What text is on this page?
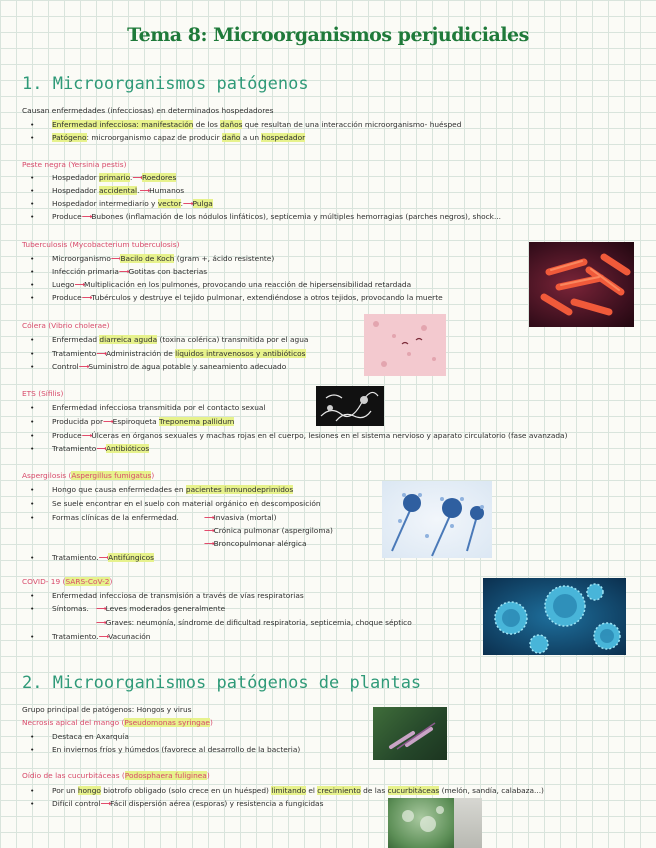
Tema 8: Microorganismos perjudiciales
1. Microorganismos patógenos
Causan enfermedades (infecciosas) en determinados hospedadores
• Enfermedad infecciosa: manifestación de los daños que resultan de una interacción microorganismo- huésped
• Patógeno: microorganismo capaz de producir daño a un hospedador
Peste negra (Yersinia pestis)
• Hospedador primario.⟶Roedores
• Hospedador accidental.⟶Humanos
• Hospedador intermediario y vector.⟶Pulga
• Produce⟶Bubones (inflamación de los nódulos linfáticos), septicemia y múltiples hemorragias (parches negros), shock...
Tuberculosis (Mycobacterium tuberculosis)
• Microorganismo⟶Bacilo de Koch (gram +, ácido resistente)
• Infección primaria⟶Gotitas con bacterias
• Luego⟶Multiplicación en los pulmones, provocando una reacción de hipersensibilidad retardada
• Produce⟶Tubérculos y destruye el tejido pulmonar, extendiéndose a otros tejidos, provocando la muerte
Cólera (Vibrio cholerae)
• Enfermedad diarreica aguda (toxina colérica) transmitida por el agua
• Tratamiento⟶Administración de líquidos intravenosos y antibióticos
• Control⟶Suministro de agua potable y saneamiento adecuado
ETS (Sífilis)
• Enfermedad infecciosa transmitida por el contacto sexual
• Producida por⟶Espiroqueta Treponema pallidum
• Produce⟶Úlceras en órganos sexuales y machas rojas en el cuerpo, lesiones en el sistema nervioso y aparato circulatorio (fase avanzada)
• Tratamiento⟶Antibióticos
Aspergilosis (Aspergillus fumigatus)
• Hongo que causa enfermedades en pacientes inmunodeprimidos
• Se suele encontrar en el suelo con material orgánico en descomposición
• Formas clínicas de la enfermedad.	⟶Invasiva (mortal)
⟶Crónica pulmonar (aspergiloma)
⟶Broncopulmonar alérgica
• Tratamiento.⟶Antifúngicos
COVID- 19 (SARS-CoV-2)
• Enfermedad infecciosa de transmisión a través de vías respiratorias
• Síntomas. ⟶Leves moderados generalmente
⟶Graves: neumonía, síndrome de dificultad respiratoria, septicemia, choque séptico
• Tratamiento.⟶Vacunación
2. Microorganismos patógenos de plantas
Grupo principal de patógenos: Hongos y virus
Necrosis apical del mango (Pseudomonas syringae)
• Destaca en Axarquía
• En inviernos fríos y húmedos (favorece al desarrollo de la bacteria)
Oídio de las cucurbitáceas (Podosphaera fuliginea)
• Por un hongo biotrofo obligado (solo crece en un huésped) limitando el crecimiento de las cucurbitáceas (melón, sandía, calabaza...)
• Difícil control⟶Fácil dispersión aérea (esporas) y resistencia a fungicidas
